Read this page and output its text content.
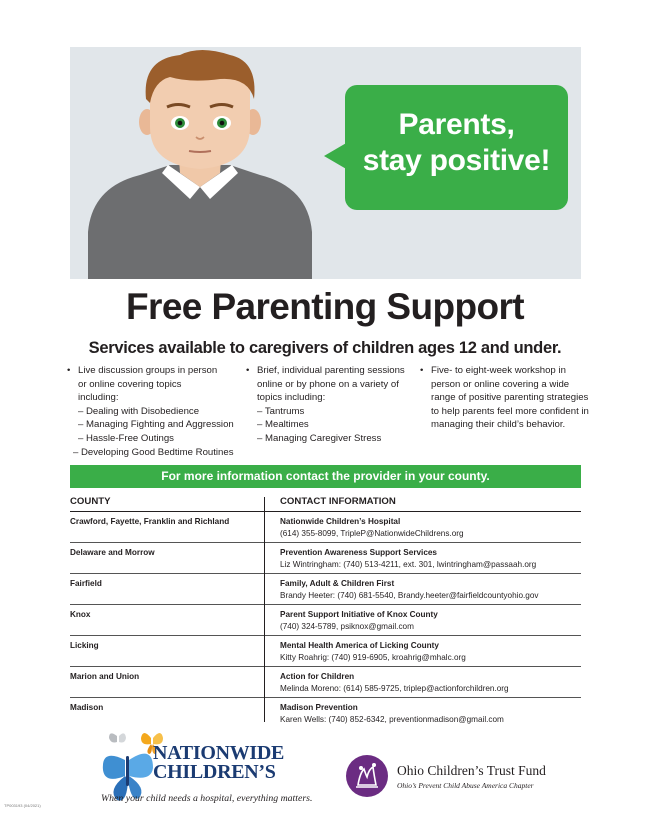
Parents,
stay positive!
Free Parenting Support
Services available to caregivers of children ages 12 and under.
• Live discussion groups in person
or online covering topics
including:
– Dealing with Disobedience
– Managing Fighting and Aggression
– Hassle-Free Outings
– Developing Good Bedtime Routines
• Brief, individual parenting sessions
online or by phone on a variety of
topics including:
– Tantrums
– Mealtimes
– Managing Caregiver Stress
• Five- to eight-week workshop in
person or online covering a wide
range of positive parenting strategies
to help parents feel more confident in
managing their child’s behavior.
For more information contact the provider in your county.
COUNTY	CONTACT INFORMATION
Crawford, Fayette, Franklin and Richland	Nationwide Children’s Hospital
(614) 355-8099, TripleP@NationwideChildrens.org
Delaware and Morrow	Prevention Awareness Support Services
Liz Wintringham: (740) 513-4211, ext. 301, lwintringham@passaah.org
Fairfield	Family, Adult & Children First
Brandy Heeter: (740) 681-5540, Brandy.heeter@fairfieldcountyohio.gov
Knox	Parent Support Initiative of Knox County
(740) 324-5789, psiknox@gmail.com
Licking	Mental Health America of Licking County
Kitty Roahrig: (740) 919-6905, kroahrig@mhalc.org
Marion and Union	Action for Children
Melinda Moreno: (614) 585-9725, triplep@actionforchildren.org
Madison	Madison Prevention
Karen Wells: (740) 852-6342, preventionmadison@gmail.com
NATIONWIDE
CHILDREN’S
When your child needs a hospital, everything matters.
Ohio Children’s Trust Fund
Ohio’s Prevent Child Abuse America Chapter
TP003193 (04/2021)
